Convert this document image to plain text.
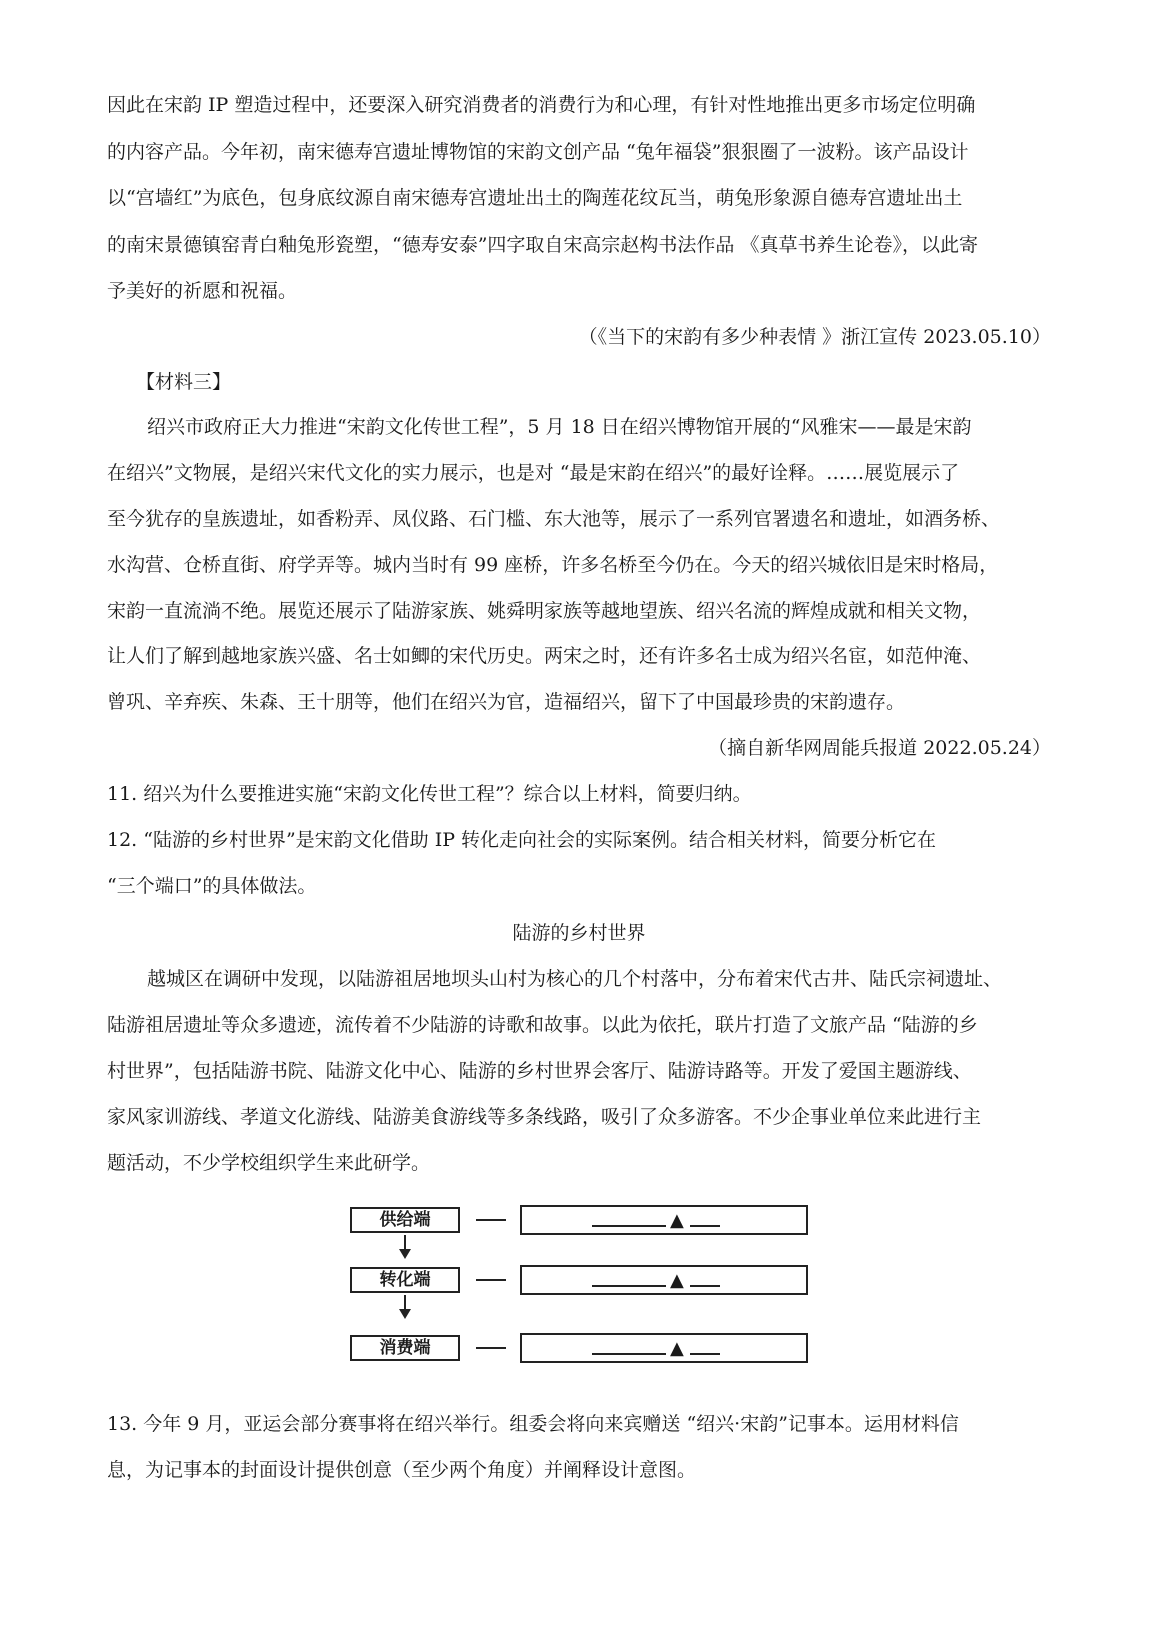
因此在宋韵 IP 塑造过程中，还要深入研究消费者的消费行为和心理，有针对性地推出更多市场定位明确
的内容产品。今年初，南宋德寿宫遗址博物馆的宋韵文创产品 “兔年福袋”狠狠圈了一波粉。该产品设计
以“宫墙红”为底色，包身底纹源自南宋德寿宫遗址出土的陶莲花纹瓦当，萌兔形象源自德寿宫遗址出土
的南宋景德镇窑青白釉兔形瓷塑，“德寿安泰”四字取自宋高宗赵构书法作品 《真草书养生论卷》，以此寄
予美好的祈愿和祝福。
（《当下的宋韵有多少种表情 》浙江宣传 2023.05.10）
【材料三】
绍兴市政府正大力推进“宋韵文化传世工程”，5 月 18 日在绍兴博物馆开展的“风雅宋——最是宋韵
在绍兴”文物展，是绍兴宋代文化的实力展示，也是对 “最是宋韵在绍兴”的最好诠释。……展览展示了
至今犹存的皇族遗址，如香粉弄、凤仪路、石门槛、东大池等，展示了一系列官署遗名和遗址，如酒务桥、
水沟营、仓桥直街、府学弄等。城内当时有 99 座桥，许多名桥至今仍在。今天的绍兴城依旧是宋时格局，
宋韵一直流淌不绝。展览还展示了陆游家族、姚舜明家族等越地望族、绍兴名流的辉煌成就和相关文物，
让人们了解到越地家族兴盛、名士如鲫的宋代历史。两宋之时，还有许多名士成为绍兴名宦，如范仲淹、
曾巩、辛弃疾、朱森、王十朋等，他们在绍兴为官，造福绍兴，留下了中国最珍贵的宋韵遗存。
（摘自新华网周能兵报道 2022.05.24）
11. 绍兴为什么要推进实施“宋韵文化传世工程”？综合以上材料，简要归纳。
12. “陆游的乡村世界”是宋韵文化借助 IP 转化走向社会的实际案例。结合相关材料，简要分析它在
“三个端口”的具体做法。
陆游的乡村世界
越城区在调研中发现，以陆游祖居地坝头山村为核心的几个村落中，分布着宋代古井、陆氏宗祠遗址、
陆游祖居遗址等众多遗迹，流传着不少陆游的诗歌和故事。以此为依托，联片打造了文旅产品 “陆游的乡
村世界”，包括陆游书院、陆游文化中心、陆游的乡村世界会客厅、陆游诗路等。开发了爱国主题游线、
家风家训游线、孝道文化游线、陆游美食游线等多条线路，吸引了众多游客。不少企事业单位来此进行主
题活动，不少学校组织学生来此研学。
供给端	▲
转化端	▲
消费端	▲
13. 今年 9 月，亚运会部分赛事将在绍兴举行。组委会将向来宾赠送 “绍兴·宋韵”记事本。运用材料信
息，为记事本的封面设计提供创意（至少两个角度）并阐释设计意图。
